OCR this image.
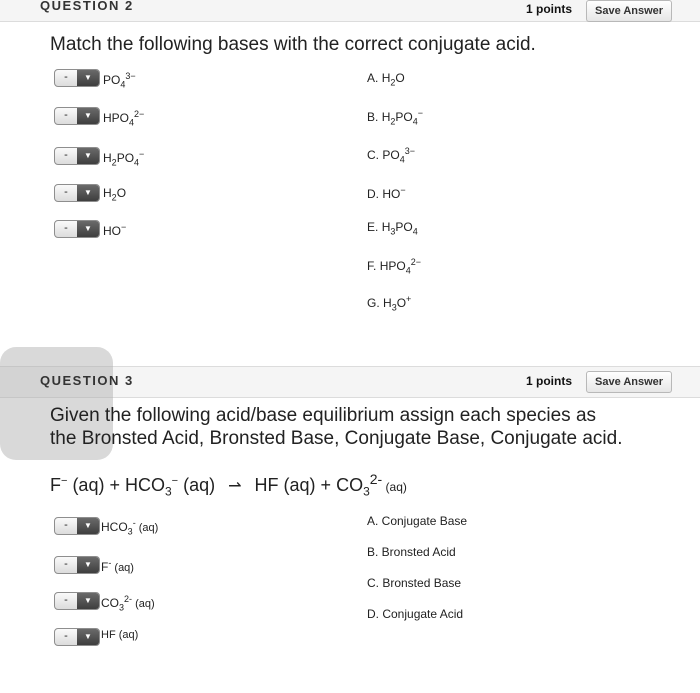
QUESTION 2	1 points	Save Answer
Match the following bases with the correct conjugate acid.
-	▼ $PO_4^{3-}$
-	▼ $HPO_4^{2-}$
-	▼ $H_2PO_4^-$
-	▼ $H_2O$
-	▼ HO−
A. $H_2O$
B. $H_2PO_4^-$
C. $PO_4^{3-}$
D. HO−
E. $H_3PO_4$
F. $HPO_4^{2-}$
G. $H_3O^+$
QUESTION 3	1 points	Save Answer
Given the following acid/base equilibrium assign each species as
the Bronsted Acid, Bronsted Base, Conjugate Base, Conjugate acid.
F− $(aq) + HCO_3^-$ (aq) ⇀ HF $(aq) + CO_3^{2-}$ (aq)
-	▼ $HCO_3^-$ (aq)
-	▼ F- (aq)
-	▼ $CO_3^{2-}$ (aq)
-	▼ HF (aq)
A. Conjugate Base
B. Bronsted Acid
C. Bronsted Base
D. Conjugate Acid
